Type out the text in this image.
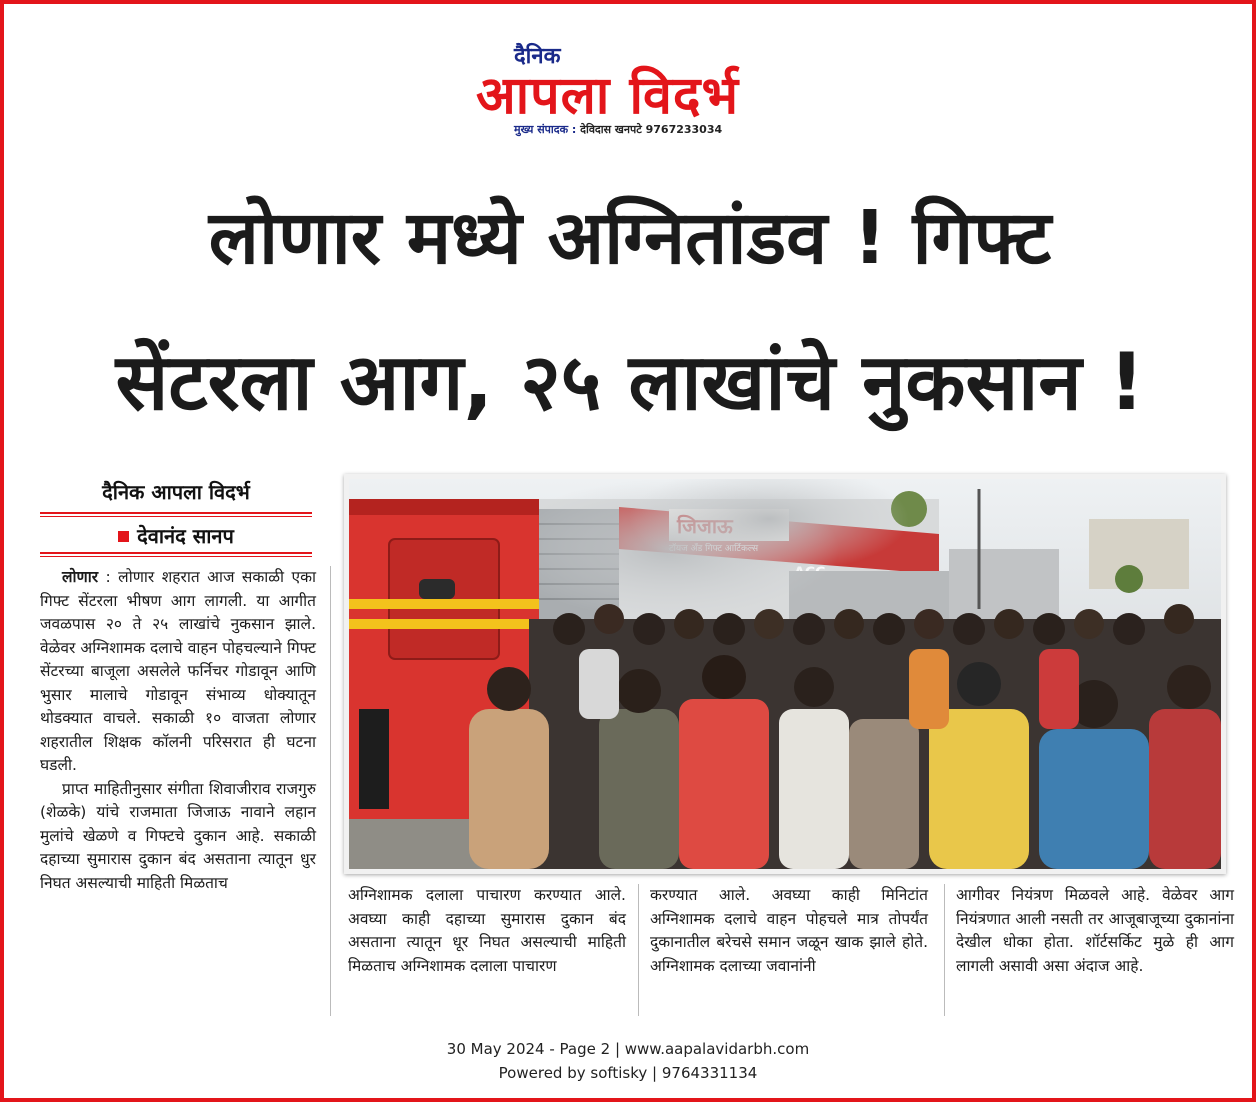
दैनिक
आपला विदर्भ
मुख्य संपादक : देविदास खनपटे 9767233034
लोणार मध्ये अग्नितांडव ! गिफ्ट
सेंटरला आग, २५ लाखांचे नुकसान !
दैनिक आपला विदर्भ
देवानंद सानप

लोणार : लोणार शहरात आज सकाळी एका गिफ्ट सेंटरला भीषण आग लागली. या आगीत जवळपास २० ते २५ लाखांचे नुकसान झाले. वेळेवर अग्निशामक दलाचे वाहन पोहचल्याने गिफ्ट सेंटरच्या बाजूला असलेले फर्निचर गोडावून आणि भुसार मालाचे गोडावून संभाव्य धोक्यातून थोडक्यात वाचले. सकाळी १० वाजता लोणार शहरातील शिक्षक कॉलनी परिसरात ही घटना घडली.

प्राप्त माहितीनुसार संगीता शिवाजीराव राजगुरु (शेळके) यांचे राजमाता जिजाऊ नावाने लहान मुलांचे खेळणे व गिफ्टचे दुकान आहे. सकाळी दहाच्या सुमारास दुकान बंद असताना त्यातून धुर निघत असल्याची माहिती मिळताच

अग्निशामक दलाला पाचारण करण्यात आले. अवघ्या काही दहाच्या सुमारास दुकान बंद असताना त्यातून धूर निघत असल्याची माहिती मिळताच अग्निशामक दलाला पाचारण
करण्यात आले. अवघ्या काही मिनिटांत अग्निशामक दलाचे वाहन पोहचले मात्र तोपर्यंत दुकानातील बरेचसे समान जळून खाक झाले होते. अग्निशामक दलाच्या जवानांनी
आगीवर नियंत्रण मिळवले आहे. वेळेवर आग नियंत्रणात आली नसती तर आजूबाजूच्या दुकानांना देखील धोका होता. शॉर्टसर्किट मुळे ही आग लागली असावी असा अंदाज आहे.
30 May 2024 - Page 2 | www.aapalavidarbh.com
Powered by softisky | 9764331134
